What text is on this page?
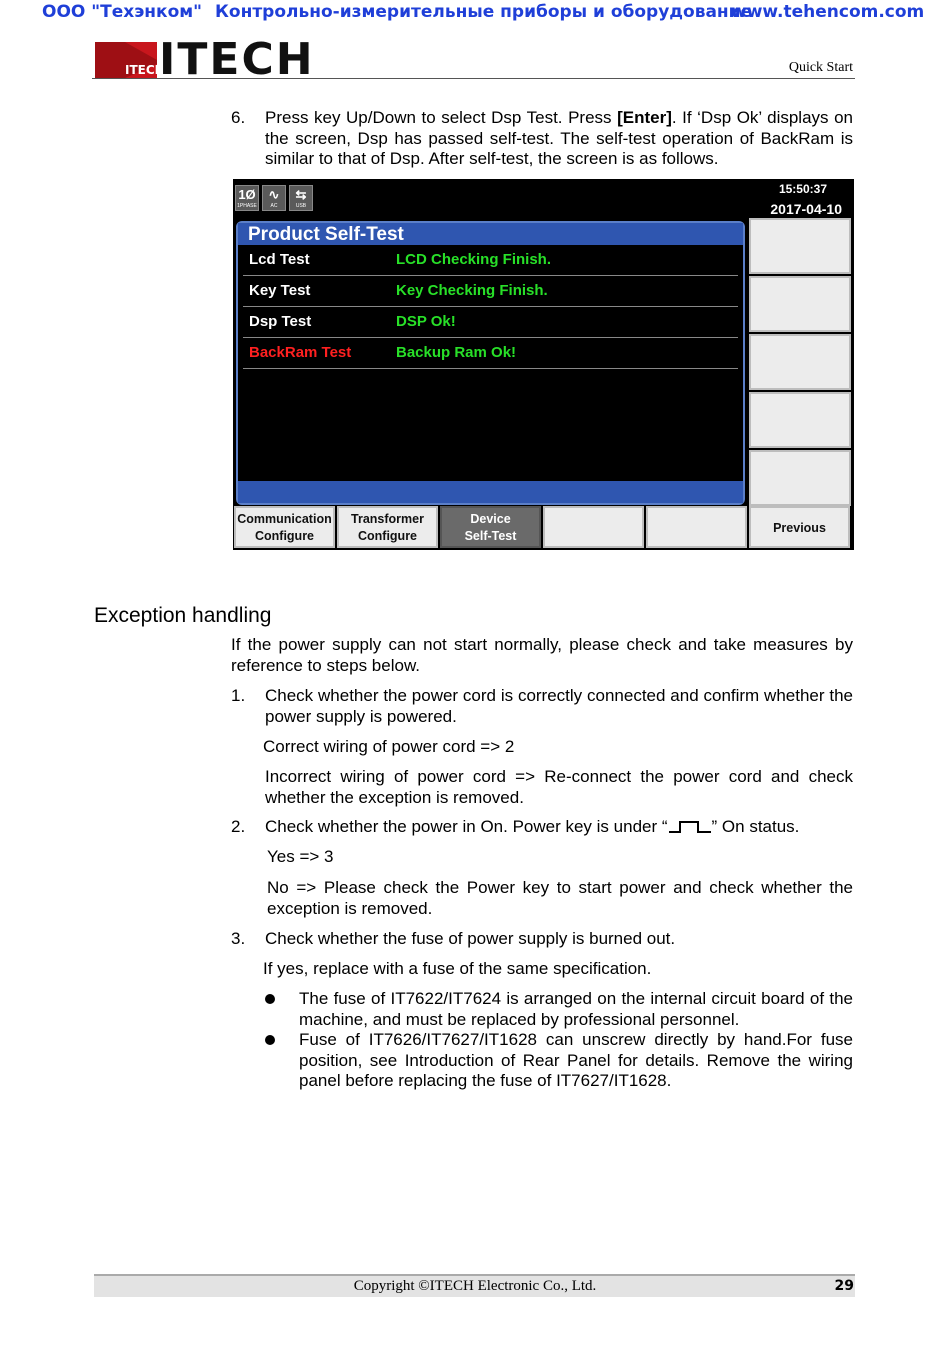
ООО "Техэнком" Контрольно-измерительные приборы и оборудование
www.tehencom.com
ITECH
ITECH	Quick Start
6. Press key Up/Down to select Dsp Test. Press [Enter]. If ‘Dsp Ok’ displays on the screen, Dsp has passed self-test. The self-test operation of BackRam is similar to that of Dsp. After self-test, the screen is as follows.
1Ø
1PHASE
∿
AC
⇆
USB
15:50:37
2017-04-10
Product Self-Test
Lcd Test	LCD Checking Finish.
Key Test	Key Checking Finish.
Dsp Test	DSP Ok!
BackRam Test	Backup Ram Ok!
Communication
Configure
Transformer
Configure
Device
Self-Test
Previous
Exception handling
If the power supply can not start normally, please check and take measures by reference to steps below.
1. Check whether the power cord is correctly connected and confirm whether the power supply is powered.
Correct wiring of power cord => 2
Incorrect wiring of power cord => Re-connect the power cord and check whether the exception is removed.
2. Check whether the power in On. Power key is under “	” On status.
Yes => 3
No => Please check the Power key to start power and check whether the exception is removed.
3. Check whether the fuse of power supply is burned out.
If yes, replace with a fuse of the same specification.
The fuse of IT7622/IT7624 is arranged on the internal circuit board of the machine, and must be replaced by professional personnel.
Fuse of IT7626/IT7627/IT1628 can unscrew directly by hand.For fuse position, see Introduction of Rear Panel for details. Remove the wiring panel before replacing the fuse of IT7627/IT1628.
Copyright ©ITECH Electronic Co., Ltd.	29
